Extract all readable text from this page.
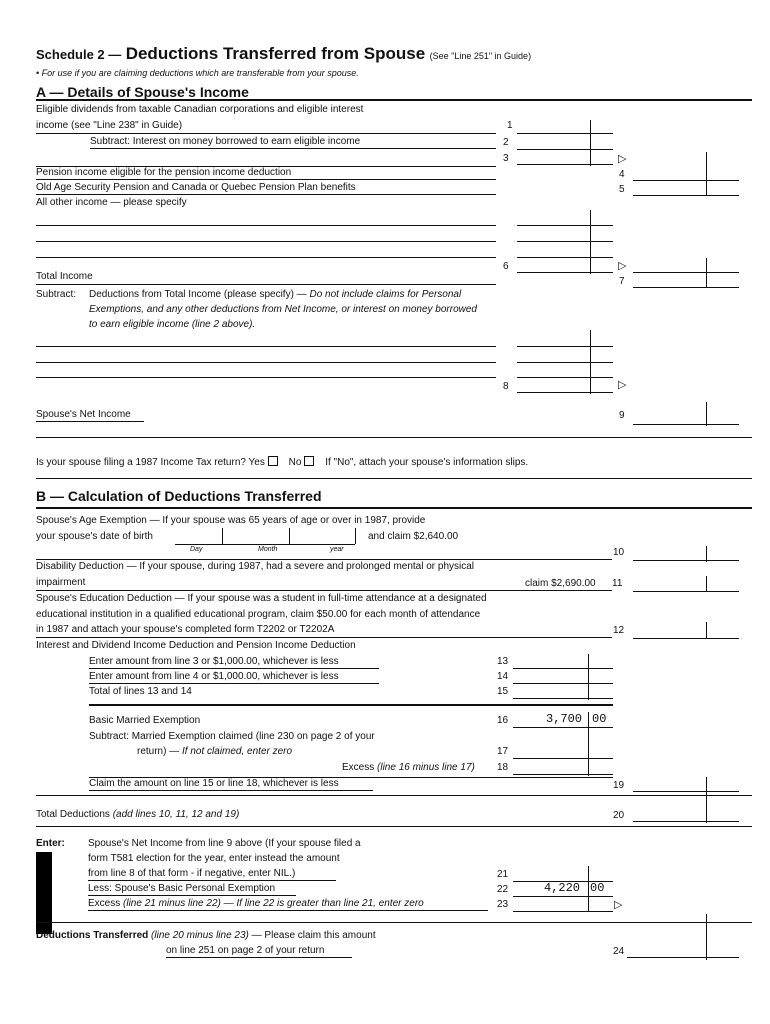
Schedule 2 — Deductions Transferred from Spouse (See "Line 251" in Guide)
• For use if you are claiming deductions which are transferable from your spouse.
A — Details of Spouse's Income
Eligible dividends from taxable Canadian corporations and eligible interest
income (see "Line 238" in Guide)	1
Subtract: Interest on money borrowed to earn eligible income	2
3	▷
Pension income eligible for the pension income deduction	4
Old Age Security Pension and Canada or Quebec Pension Plan benefits	5
All other income — please specify
6	▷
Total Income	7
Subtract: Deductions from Total Income (please specify) — Do not include claims for Personal
Exemptions, and any other deductions from Net Income, or interest on money borrowed
to earn eligible income (line 2 above).
8	▷
Spouse's Net Income	9
Is your spouse filing a 1987 Income Tax return? Yes No If "No", attach your spouse's information slips.
B — Calculation of Deductions Transferred
Spouse's Age Exemption — If your spouse was 65 years of age or over in 1987, provide
your spouse's date of birth	and claim $2,640.00
Day	Month	year	10
Disability Deduction — If your spouse, during 1987, had a severe and prolonged mental or physical
impairment	claim $2,690.00 11
Spouse's Education Deduction — If your spouse was a student in full-time attendance at a designated
educational institution in a qualified educational program, claim $50.00 for each month of attendance
in 1987 and attach your spouse's completed form T2202 or T2202A	12
Interest and Dividend Income Deduction and Pension Income Deduction
Enter amount from line 3 or $1,000.00, whichever is less	13
Enter amount from line 4 or $1,000.00, whichever is less	14
Total of lines 13 and 14	15
Basic Married Exemption	16	3,700 00
Subtract: Married Exemption claimed (line 230 on page 2 of your
return) — If not claimed, enter zero	17
Excess (line 16 minus line 17) 18
Claim the amount on line 15 or line 18, whichever is less	19
Total Deductions (add lines 10, 11, 12 and 19)	20
Enter: Spouse's Net Income from line 9 above (If your spouse filed a
form T581 election for the year, enter instead the amount
from line 8 of that form - if negative, enter NIL.)	21
Less: Spouse's Basic Personal Exemption	22	4,220 00
Excess (line 21 minus line 22) — If line 22 is greater than line 21, enter zero	23	▷
Deductions Transferred (line 20 minus line 23) — Please claim this amount
on line 251 on page 2 of your return	24
